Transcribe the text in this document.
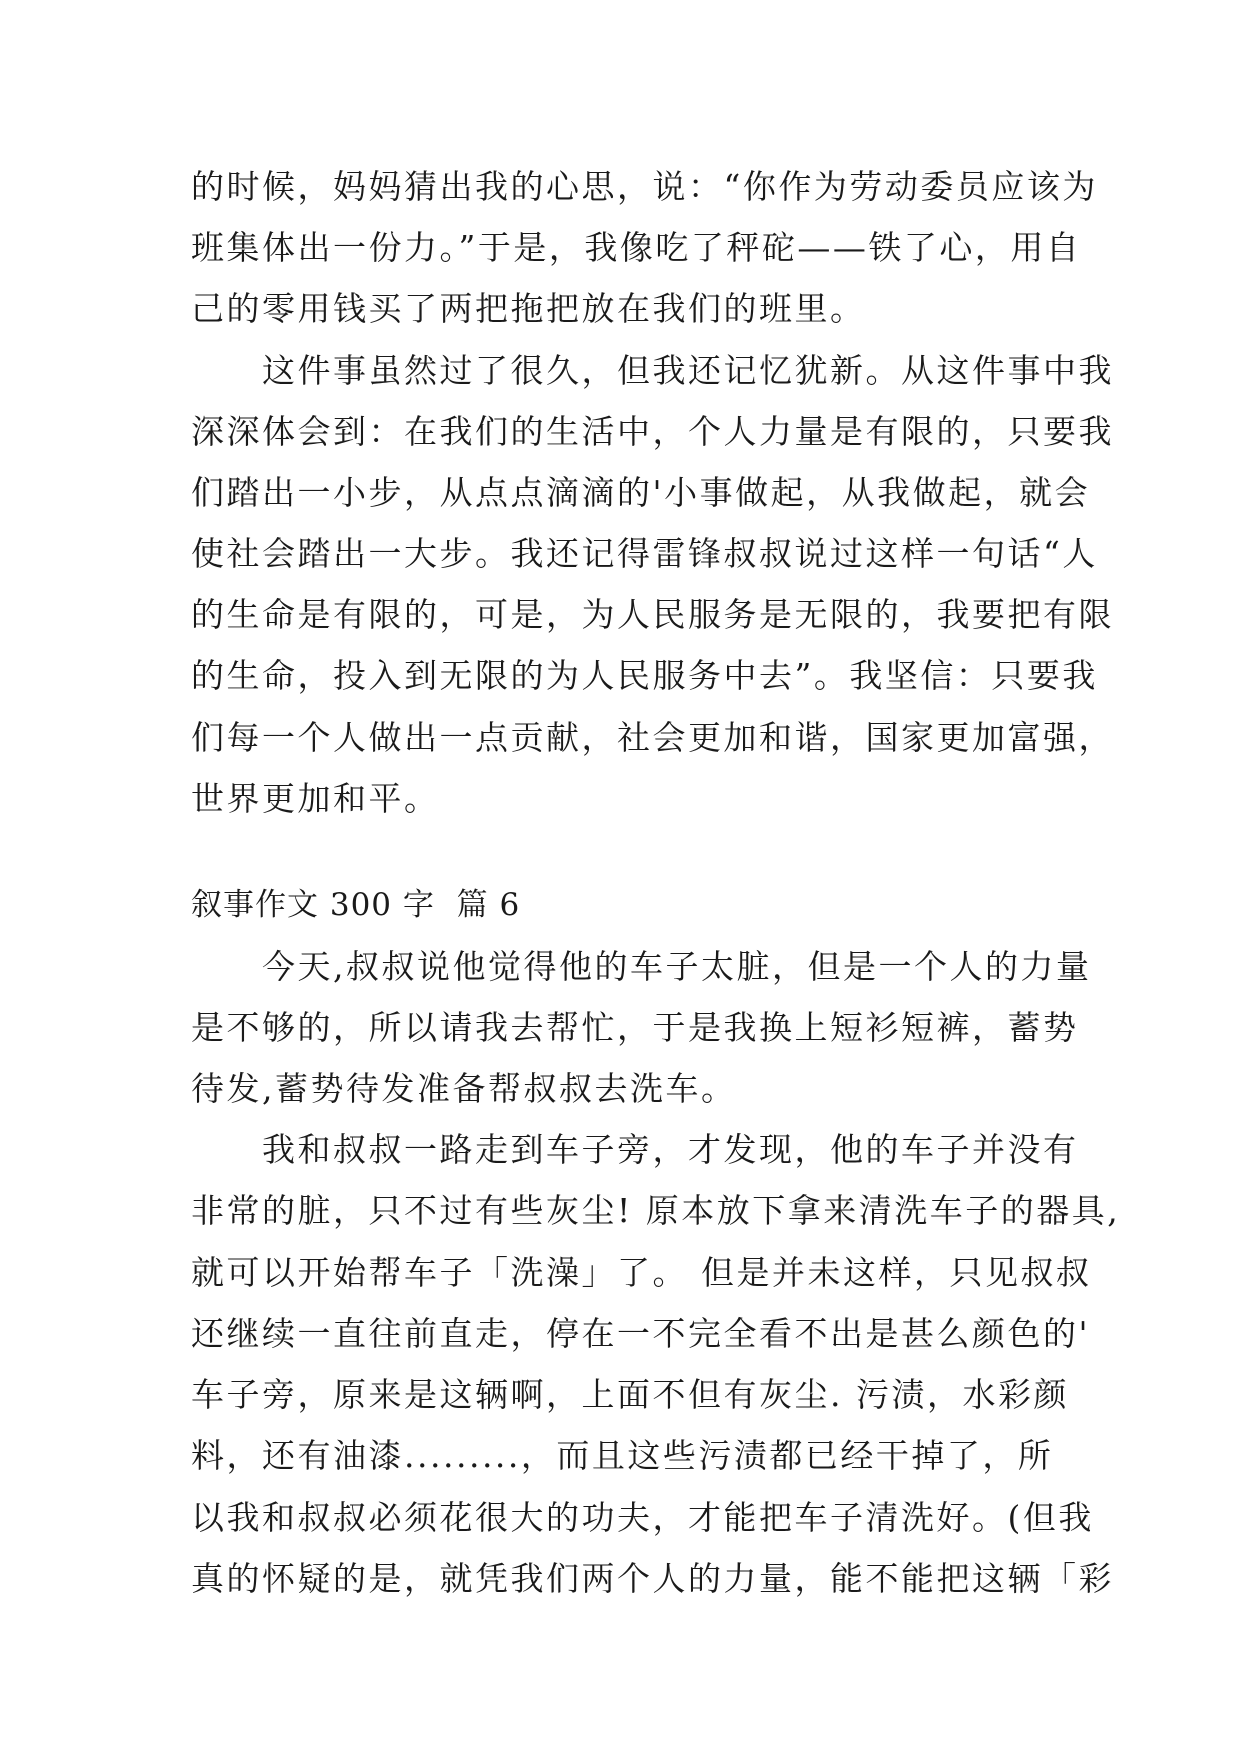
的时候，妈妈猜出我的心思，说：“你作为劳动委员应该为
班集体出一份力。”于是，我像吃了秤砣——铁了心，用自
己的零用钱买了两把拖把放在我们的班里。
　　这件事虽然过了很久，但我还记忆犹新。从这件事中我
深深体会到：在我们的生活中，个人力量是有限的，只要我
们踏出一小步，从点点滴滴的'小事做起，从我做起，就会
使社会踏出一大步。我还记得雷锋叔叔说过这样一句话“人
的生命是有限的，可是，为人民服务是无限的，我要把有限
的生命，投入到无限的为人民服务中去”。我坚信：只要我
们每一个人做出一点贡献，社会更加和谐，国家更加富强，
世界更加和平。
叙事作文 300 字  篇 6
　　今天,叔叔说他觉得他的车子太脏，但是一个人的力量
是不够的，所以请我去帮忙，于是我换上短衫短裤，蓄势
待发,蓄势待发准备帮叔叔去洗车。
　　我和叔叔一路走到车子旁，才发现，他的车子并没有
非常的脏，只不过有些灰尘! 原本放下拿来清洗车子的器具,
就可以开始帮车子「洗澡」了。 但是并未这样，只见叔叔
还继续一直往前直走，停在一不完全看不出是甚么颜色的'
车子旁，原来是这辆啊，上面不但有灰尘. 污渍，水彩颜
料，还有油漆.........，而且这些污渍都已经干掉了，所
以我和叔叔必须花很大的功夫，才能把车子清洗好。(但我
真的怀疑的是，就凭我们两个人的力量，能不能把这辆「彩
